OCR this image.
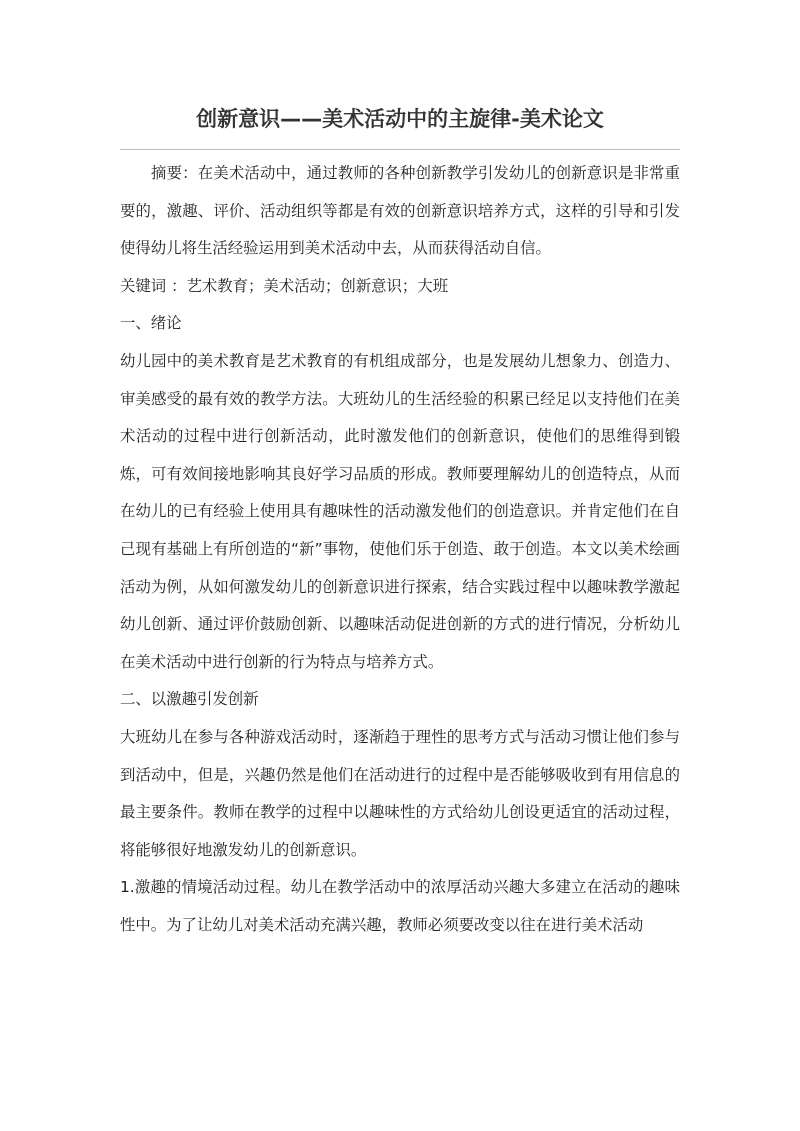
创新意识——美术活动中的主旋律-美术论文

摘要：在美术活动中，通过教师的各种创新教学引发幼儿的创新意识是非常重要的，激趣、评价、活动组织等都是有效的创新意识培养方式，这样的引导和引发使得幼儿将生活经验运用到美术活动中去，从而获得活动自信。

关键词 ：艺术教育；美术活动；创新意识；大班

一、绪论

幼儿园中的美术教育是艺术教育的有机组成部分，也是发展幼儿想象力、创造力、审美感受的最有效的教学方法。大班幼儿的生活经验的积累已经足以支持他们在美术活动的过程中进行创新活动，此时激发他们的创新意识，使他们的思维得到锻炼，可有效间接地影响其良好学习品质的形成。教师要理解幼儿的创造特点，从而在幼儿的已有经验上使用具有趣味性的活动激发他们的创造意识。并肯定他们在自己现有基础上有所创造的“新”事物，使他们乐于创造、敢于创造。本文以美术绘画活动为例，从如何激发幼儿的创新意识进行探索，结合实践过程中以趣味教学激起幼儿创新、通过评价鼓励创新、以趣味活动促进创新的方式的进行情况，分析幼儿在美术活动中进行创新的行为特点与培养方式。

二、以激趣引发创新

大班幼儿在参与各种游戏活动时，逐渐趋于理性的思考方式与活动习惯让他们参与到活动中，但是，兴趣仍然是他们在活动进行的过程中是否能够吸收到有用信息的最主要条件。教师在教学的过程中以趣味性的方式给幼儿创设更适宜的活动过程，将能够很好地激发幼儿的创新意识。

1.激趣的情境活动过程。幼儿在教学活动中的浓厚活动兴趣大多建立在活动的趣味性中。为了让幼儿对美术活动充满兴趣，教师必须要改变以往在进行美术活动
